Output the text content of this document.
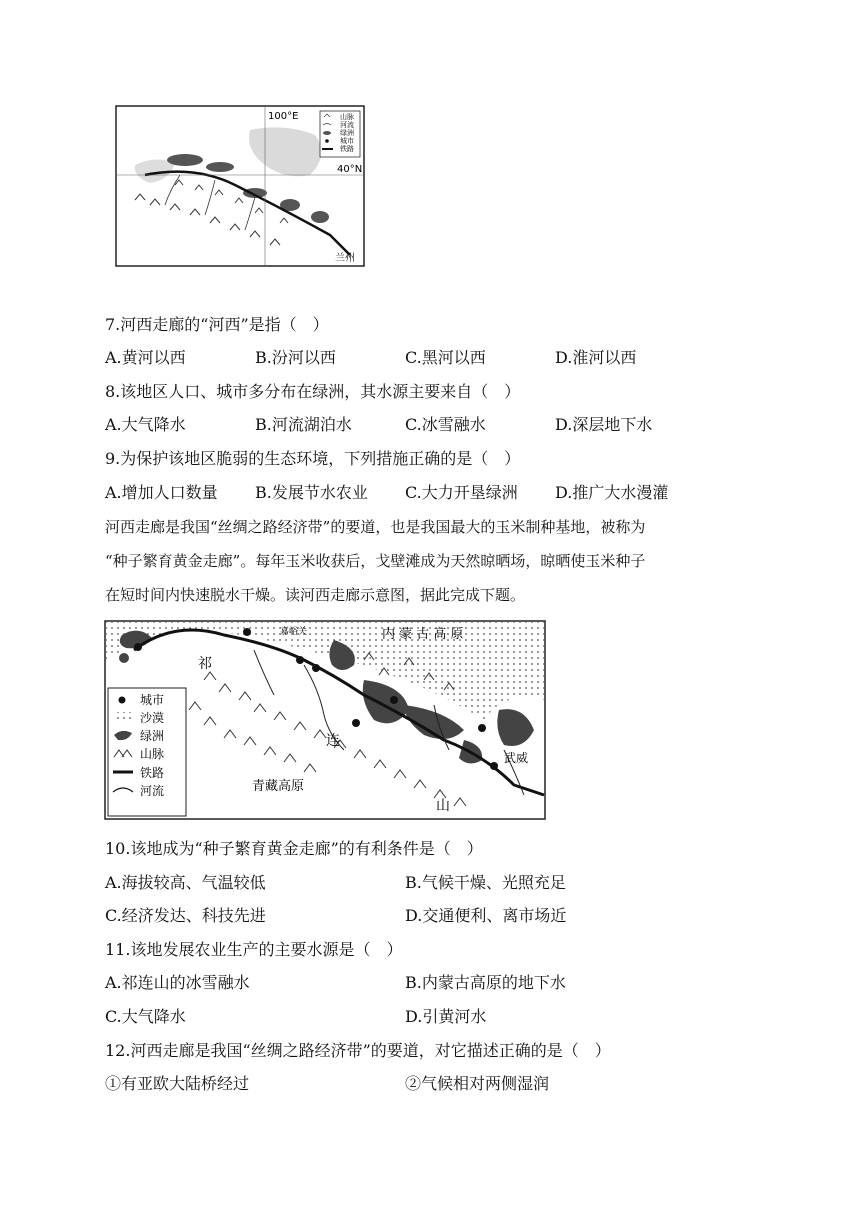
100°E
40°N
兰州
山脉
河流
绿洲
城市
铁路
7.河西走廊的“河西”是指（　）
A.黄河以西	B.汾河以西	C.黑河以西	D.淮河以西
8.该地区人口、城市多分布在绿洲，其水源主要来自（　）
A.大气降水	B.河流湖泊水	C.冰雪融水	D.深层地下水
9.为保护该地区脆弱的生态环境，下列措施正确的是（　）
A.增加人口数量 B.发展节水农业 C.大力开垦绿洲 D.推广大水漫灌
河西走廊是我国“丝绸之路经济带”的要道，也是我国最大的玉米制种基地，被称为
“种子繁育黄金走廊”。每年玉米收获后，戈壁滩成为天然晾晒场，晾晒使玉米种子
在短时间内快速脱水干燥。读河西走廊示意图，据此完成下题。
内 蒙 古 高 原
青藏高原
嘉峪关
武威
祁
连
山
城市
沙漠
绿洲
山脉
铁路
河流
10.该地成为“种子繁育黄金走廊”的有利条件是（　）
A.海拔较高、气温较低	B.气候干燥、光照充足
C.经济发达、科技先进	D.交通便利、离市场近
11.该地发展农业生产的主要水源是（　）
A.祁连山的冰雪融水	B.内蒙古高原的地下水
C.大气降水	D.引黄河水
12.河西走廊是我国“丝绸之路经济带”的要道，对它描述正确的是（　）
①有亚欧大陆桥经过	②气候相对两侧湿润
